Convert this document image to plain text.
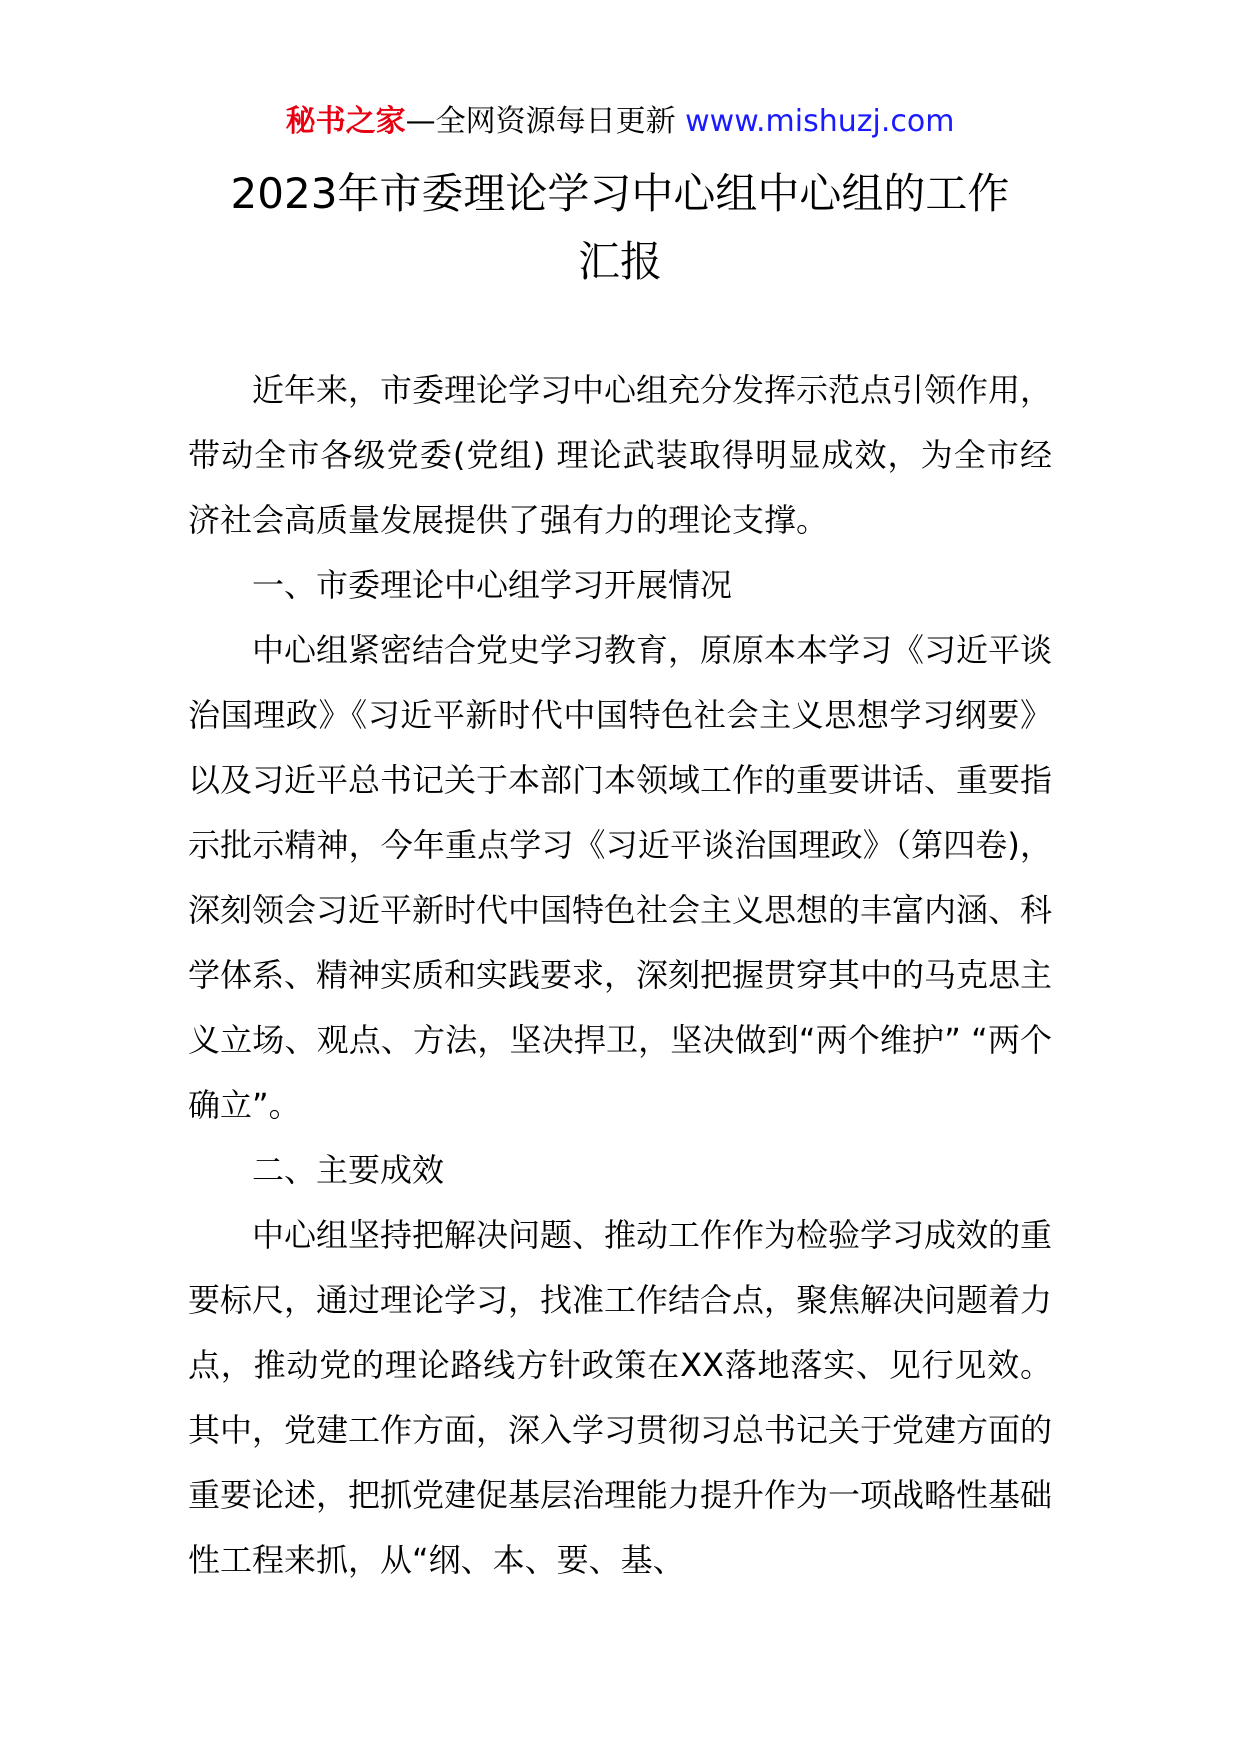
秘书之家—全网资源每日更新 www.mishuzj.com
2023年市委理论学习中心组中心组的工作
汇报

近年来，市委理论学习中心组充分发挥示范点引领作用，带动全市各级党委(党组) 理论武装取得明显成效，为全市经济社会高质量发展提供了强有力的理论支撑。

一、市委理论中心组学习开展情况

中心组紧密结合党史学习教育，原原本本学习《习近平谈治国理政》《习近平新时代中国特色社会主义思想学习纲要》以及习近平总书记关于本部门本领域工作的重要讲话、重要指示批示精神，今年重点学习《习近平谈治国理政》（第四卷)，深刻领会习近平新时代中国特色社会主义思想的丰富内涵、科学体系、精神实质和实践要求，深刻把握贯穿其中的马克思主义立场、观点、方法，坚决捍卫，坚决做到“两个维护” “两个确立”。

二、主要成效

中心组坚持把解决问题、推动工作作为检验学习成效的重要标尺，通过理论学习，找准工作结合点，聚焦解决问题着力点，推动党的理论路线方针政策在XX落地落实、见行见效。其中，党建工作方面，深入学习贯彻习总书记关于党建方面的重要论述，把抓党建促基层治理能力提升作为一项战略性基础性工程来抓，从“纲、本、要、基、
